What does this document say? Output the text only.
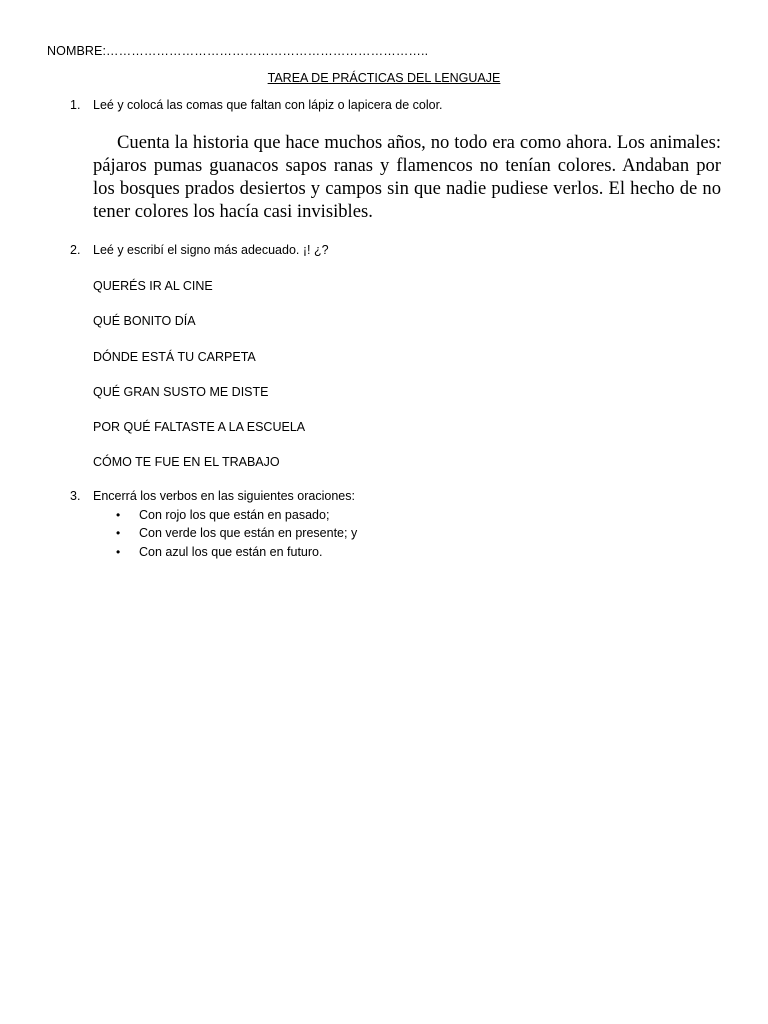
NOMBRE:…………………………………………………………………..
TAREA DE PRÁCTICAS DEL LENGUAJE
1. Leé y colocá las comas que faltan con lápiz o lapicera de color.

Cuenta la historia que hace muchos años, no todo era como ahora. Los animales: pájaros pumas guanacos sapos ranas y flamencos no tenían colores. Andaban por los bosques prados desiertos y campos sin que nadie pudiese verlos. El hecho de no tener colores los hacía casi invisibles.

2. Leé y escribí el signo más adecuado. ¡! ¿?
QUERÉS IR AL CINE
QUÉ BONITO DÍA
DÓNDE ESTÁ TU CARPETA
QUÉ GRAN SUSTO ME DISTE
POR QUÉ FALTASTE A LA ESCUELA
CÓMO TE FUE EN EL TRABAJO
3. Encerrá los verbos en las siguientes oraciones:
•	Con rojo los que están en pasado;
•	Con verde los que están en presente; y
•	Con azul los que están en futuro.
